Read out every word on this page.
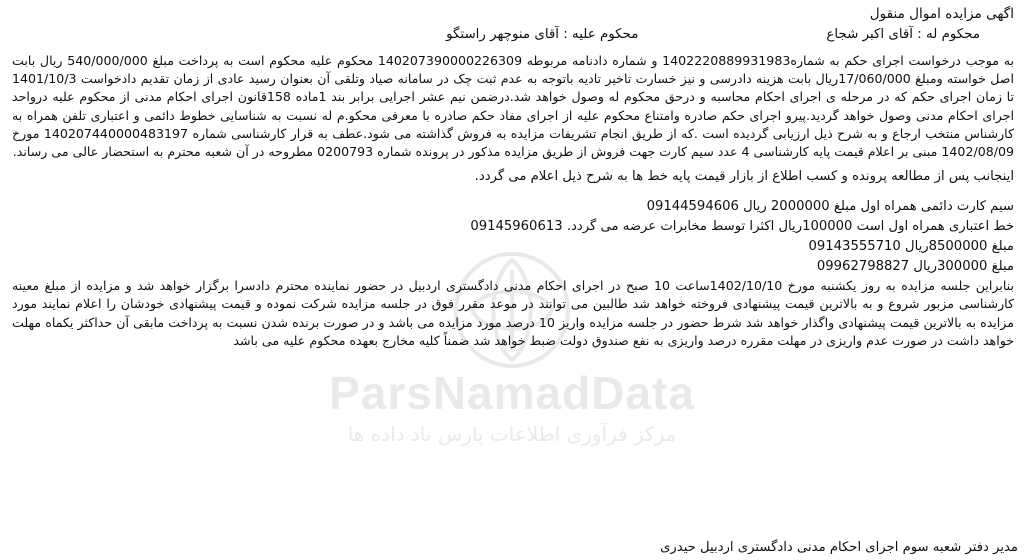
ParsNamadData
مرکز فرآوری اطلاعات پارس ناد داده ها

اگهی مزایده اموال منقول

محکوم له : آقای اکبر شجاع
محکوم علیه : آقای منوچهر راستگو

به موجب درخواست اجرای حکم به شماره1402220889931983 و شماره دادنامه مربوطه 140207390000226309 محکوم علیه محکوم است به پرداخت مبلغ 540/000/000 ریال بابت اصل خواسته ومبلغ 17/060/000ریال بابت هزینه دادرسی و نیز خسارت تاخیر تادیه باتوجه به عدم ثبت چک در سامانه صیاد وتلقی آن بعنوان رسید عادی از زمان تقدیم دادخواست 1401/10/3 تا زمان اجرای حکم که در مرحله ی اجرای احکام محاسبه و درحق محکوم له وصول خواهد شد.درضمن نیم عشر اجرایی برابر بند 1ماده 158قانون اجرای احکام مدنی از محکوم علیه درواحد اجرای احکام مدنی وصول خواهد گردید.پیرو اجرای حکم صادره وامتناع محکوم علیه از اجرای مفاد حکم صادره با معرفی محکو.م له نسبت به شناسایی خطوط دائمی و اعتباری تلفن همراه به کارشناس منتخب ارجاع و به شرح ذیل ارزیابی گردیده است .که از طریق انجام تشریفات مزایده به فروش گذاشته می شود.عطف به قرار کارشناسی شماره 140207440000483197 مورخ 1402/08/09 مبنی بر اعلام قیمت پایه کارشناسی 4 عدد سیم کارت جهت فروش از طریق مزایده مذکور در پرونده شماره 0200793 مطروحه در آن شعبه محترم به استحضار عالی می رساند.

اینجانب پس از مطالعه پرونده و کسب اطلاع از بازار قیمت پایه خط ها به شرح ذیل اعلام می گردد.

سیم کارت دائمی همراه اول مبلغ 2000000 ریال 09144594606

خط اعتباری همراه اول است 100000ریال اکثرا توسط مخابرات عرضه می گردد. 09145960613

مبلغ 8500000ریال 09143555710

مبلغ 300000ریال 09962798827

بنابراین جلسه مزایده به روز یکشنبه مورخ 1402/10/10ساعت 10 صبح در اجرای احکام مدنی دادگستری اردبیل در حضور نماینده محترم دادسرا برگزار خواهد شد و مزایده از مبلغ معینه کارشناسی مزبور شروع و به بالاترین قیمت پیشنهادی فروخته خواهد شد طالبین می توانند در موعد مقرر فوق در جلسه مزایده شرکت نموده و قیمت پیشنهادی خودشان را اعلام نمایند مورد مزایده به بالاترین قیمت پیشنهادی واگذار خواهد شد شرط حضور در جلسه مزایده واریز 10 درصد مورد مزایده می باشد و در صورت برنده شدن نسبت به پرداخت مابقی آن حداکثر یکماه مهلت خواهد داشت در صورت عدم واریزی در مهلت مقرره درصد واریزی به نفع صندوق دولت ضبط خواهد شد ضمناً کلیه مخارج بعهده محکوم علیه می باشد

مدیر دفتر شعبه سوم اجرای احکام مدنی دادگستری اردبیل حیدری
